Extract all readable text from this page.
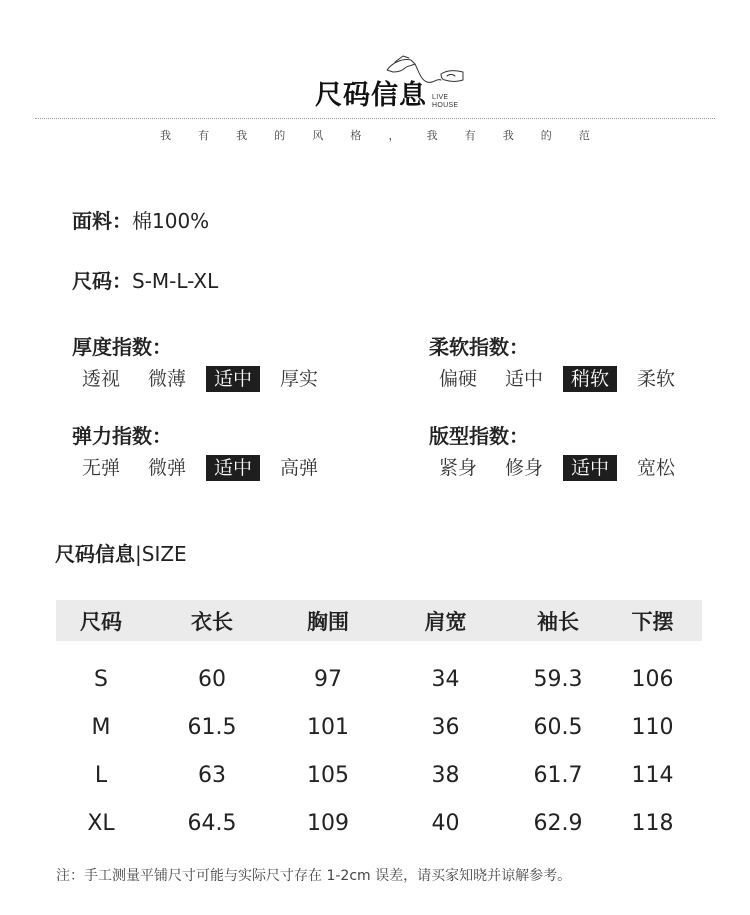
尺码信息 LIVE
HOUSE
我 有 我 的 风 格 ， 我 有 我 的 范
面料：棉100%
尺码：S-M-L-XL
厚度指数：
透视	微薄	适中	厚实
柔软指数：
偏硬	适中	稍软	柔软
弹力指数：
无弹	微弹	适中	高弹
版型指数：
紧身	修身	适中	宽松
尺码信息|SIZE
尺码	衣长	胸围	肩宽	袖长	下摆
S	60	97	34	59.3	106
M	61.5	101	36	60.5	110
L	63	105	38	61.7	114
XL	64.5	109	40	62.9	118
注：手工测量平铺尺寸可能与实际尺寸存在 1-2cm 误差，请买家知晓并谅解参考。
